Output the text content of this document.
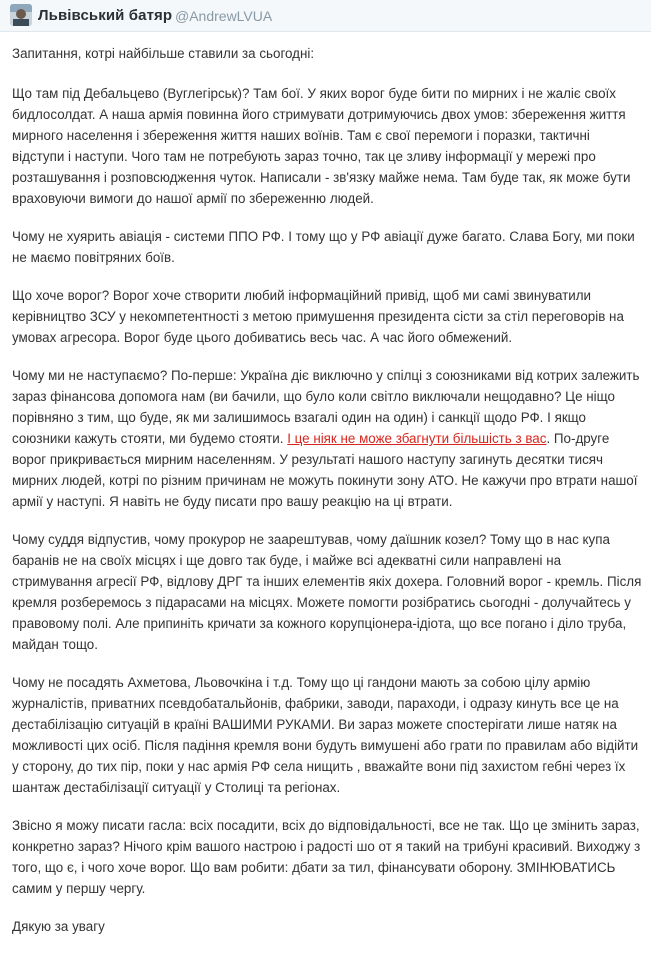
Львівський батяр @AndrewLVUA

Запитання, котрі найбільше ставили за сьогодні:

Що там під Дебальцево (Вуглегірськ)? Там бої. У яких ворог буде бити по мирних і не жаліє своїх бидлосолдат. А наша армія повинна його стримувати дотримуючись двох умов: збереження життя мирного населення і збереження життя наших воїнів. Там є свої перемоги і поразки, тактичні відступи і наступи. Чого там не потребують зараз точно, так це зливу інформації у мережі про розташування і розповсюдження чуток. Написали - зв'язку майже нема. Там буде так, як може бути враховуючи вимоги до нашої армії по збереженню людей.

Чому не хуярить авіація - системи ППО РФ. І тому що у РФ авіації дуже багато. Слава Богу, ми поки не маємо повітряних боїв.

Що хоче ворог? Ворог хоче створити любий інформаційний привід, щоб ми самі звинуватили керівництво ЗСУ у некомпетентності з метою примушення президента сісти за стіл переговорів на умовах агресора. Ворог буде цього добиватись весь час. А час його обмежений.

Чому ми не наступаємо? По-перше: Україна діє виключно у спілці з союзниками від котрих залежить зараз фінансова допомога нам (ви бачили, що було коли світло виключали нещодавно? Це ніщо порівняно з тим, що буде, як ми залишимось взагалі один на один) і санкції щодо РФ. І якщо союзники кажуть стояти, ми будемо стояти. І це ніяк не може збагнути більшість з вас. По-друге ворог прикривається мирним населенням. У результаті нашого наступу загинуть десятки тисяч мирних людей, котрі по різним причинам не можуть покинути зону АТО. Не кажучи про втрати нашої армії у наступі. Я навіть не буду писати про вашу реакцію на ці втрати.

Чому суддя відпустив, чому прокурор не заарештував, чому даїшник козел? Тому що в нас купа баранів не на своїх місцях і ще довго так буде, і майже всі адекватні сили направлені на стримування агресії РФ, відлову ДРГ та інших елементів якіх дохера. Головний ворог - кремль. Після кремля розберемось з підарасами на місцях. Можете помогти розібратись сьогодні - долучайтесь у правовому полі. Але припиніть кричати за кожного корупціонера-ідіота, що все погано і діло труба, майдан тощо.

Чому не посадять Ахметова, Льовочкіна і т.д. Тому що ці гандони мають за собою цілу армію журналістів, приватних псевдобатальйонів, фабрики, заводи, параходи, і одразу кинуть все це на дестабілізацію ситуацій в країні ВАШИМИ РУКАМИ. Ви зараз можете спостерігати лише натяк на можливості цих осіб. Після падіння кремля вони будуть вимушені або грати по правилам або відійти у сторону, до тих пір, поки у нас армія РФ села нищить , вважайте вони під захистом гебні через їх шантаж дестабілізації ситуації у Столиці та регіонах.

Звісно я можу писати гасла: всіх посадити, всіх до відповідальності, все не так. Що це змінить зараз, конкретно зараз? Нічого крім вашого настрою і радості шо от я такий на трибуні красивий. Виходжу з того, що є, і чого хоче ворог. Що вам робити: дбати за тил, фінансувати оборону. ЗМІНЮВАТИСЬ самим у першу чергу.

Дякую за увагу
